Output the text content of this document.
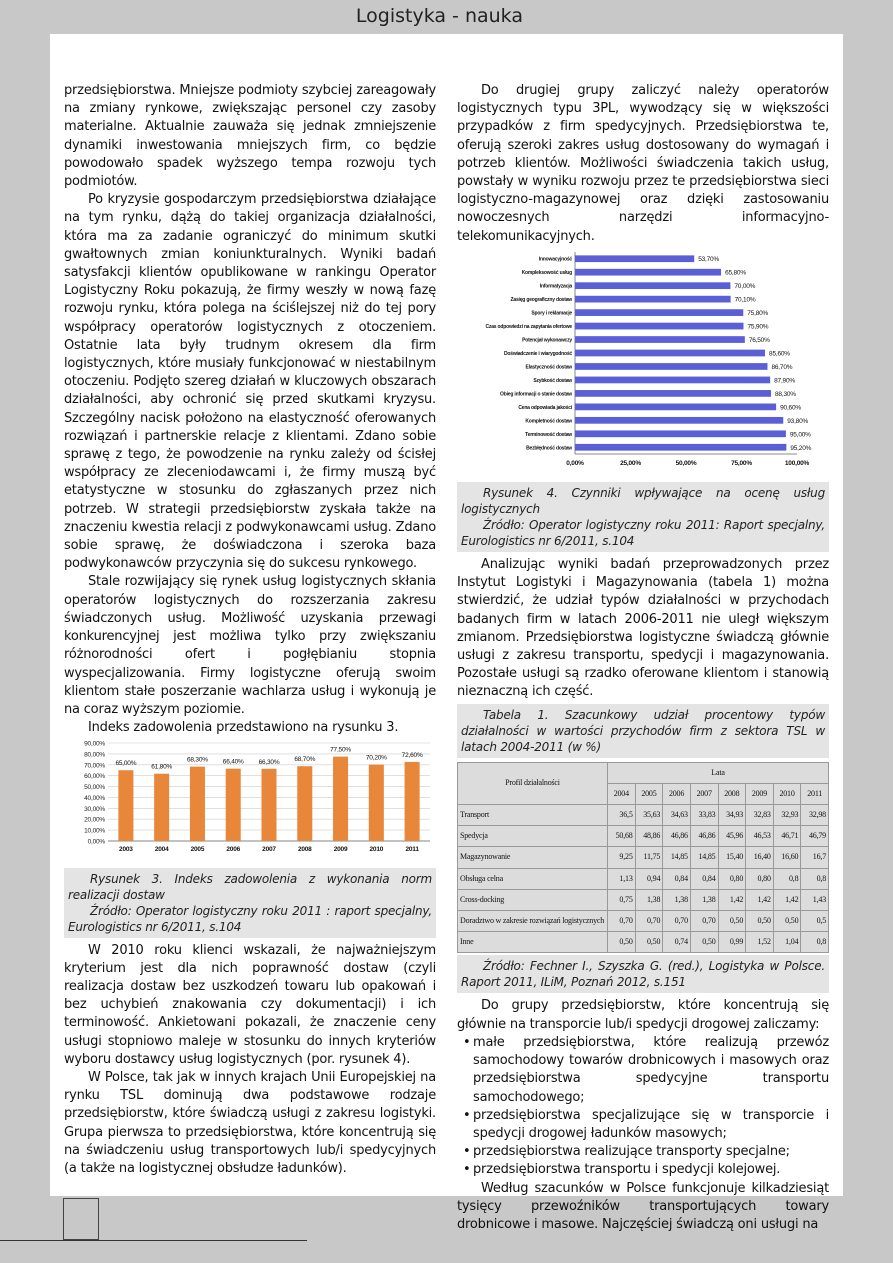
Logistyka - nauka

przedsiębiorstwa. Mniejsze podmioty szybciej zareagowały na zmiany rynkowe, zwiększając personel czy zasoby materialne. Aktualnie zauważa się jednak zmniejszenie dynamiki inwestowania mniejszych firm, co będzie powodowało spadek wyższego tempa rozwoju tych podmiotów.

Po kryzysie gospodarczym przedsiębiorstwa działające na tym rynku, dążą do takiej organizacja działalności, która ma za zadanie ograniczyć do minimum skutki gwałtownych zmian koniunkturalnych. Wyniki badań satysfakcji klientów opublikowane w rankingu Operator Logistyczny Roku pokazują, że firmy weszły w nową fazę rozwoju rynku, która polega na ściślejszej niż do tej pory współpracy operatorów logistycznych z otoczeniem. Ostatnie lata były trudnym okresem dla firm logistycznych, które musiały funkcjonować w niestabilnym otoczeniu. Podjęto szereg działań w kluczowych obszarach działalności, aby ochronić się przed skutkami kryzysu. Szczególny nacisk położono na elastyczność oferowanych rozwiązań i partnerskie relacje z klientami. Zdano sobie sprawę z tego, że powodzenie na rynku zależy od ścisłej współpracy ze zleceniodawcami i, że firmy muszą być etatystyczne w stosunku do zgłaszanych przez nich potrzeb. W strategii przedsiębiorstw zyskała także na znaczeniu kwestia relacji z podwykonawcami usług. Zdano sobie sprawę, że doświadczona i szeroka baza podwykonawców przyczynia się do sukcesu rynkowego.

Stale rozwijający się rynek usług logistycznych skłania operatorów logistycznych do rozszerzania zakresu świadczonych usług. Możliwość uzyskania przewagi konkurencyjnej jest możliwa tylko przy zwiększaniu różnorodności ofert i pogłębianiu stopnia wyspecjalizowania. Firmy logistyczne oferują swoim klientom stałe poszerzanie wachlarza usług i wykonują je na coraz wyższym poziomie.

Indeks zadowolenia przedstawiono na rysunku 3.

0,00%
10,00%
20,00%
30,00%
40,00%
50,00%
60,00%
70,00%
80,00%
90,00%
65,00%
2003
61,80%
2004
68,30%
2005
66,40%
2006
66,30%
2007
68,70%
2008
77,50%
2009
70,20%
2010
72,60%
2011
Rysunek 3. Indeks zadowolenia z wykonania norm realizacji dostaw
Źródło: Operator logistyczny roku 2011 : raport specjalny, Eurologistics nr 6/2011, s.104

W 2010 roku klienci wskazali, że najważniejszym kryterium jest dla nich poprawność dostaw (czyli realizacja dostaw bez uszkodzeń towaru lub opakowań i bez uchybień znakowania czy dokumentacji) i ich terminowość. Ankietowani pokazali, że znaczenie ceny usługi stopniowo maleje w stosunku do innych kryteriów wyboru dostawcy usług logistycznych (por. rysunek 4).

W Polsce, tak jak w innych krajach Unii Europejskiej na rynku TSL dominują dwa podstawowe rodzaje przedsiębiorstw, które świadczą usługi z zakresu logistyki. Grupa pierwsza to przedsiębiorstwa, które koncentrują się na świadczeniu usług transportowych lub/i spedycyjnych (a także na logistycznej obsłudze ładunków).

Do drugiej grupy zaliczyć należy operatorów logistycznych typu 3PL, wywodzący się w większości przypadków z firm spedycyjnych. Przedsiębiorstwa te, oferują szeroki zakres usług dostosowany do wymagań i potrzeb klientów. Możliwości świadczenia takich usług, powstały w wyniku rozwoju przez te przedsiębiorstwa sieci logistyczno-magazynowej oraz dzięki zastosowaniu nowoczesnych narzędzi informacyjno-telekomunikacyjnych.

Innowacyjność	53,70%
Kompleksowość usług	65,80%
Informatyzacja	70,00%
Zasięg geograficzny dostaw	70,10%
Spory i reklamacje	75,80%
Czas odpowiedzi na zapytania ofertowe	75,90%
Potencjał wykonawczy	76,50%
Doświadczenie i wiarygodność	85,60%
Elastyczność dostaw	86,70%
Szybkość dostaw	87,90%
Obieg informacji o stanie dostaw	88,30%
Cena odpowiada jakości	90,60%
Kompletność dostaw	93,80%
Terminowość dostaw	95,00%
Bezbłędność dostaw	95,20%
0,00%	25,00%	50,00%	75,00%	100,00%
Rysunek 4. Czynniki wpływające na ocenę usług logistycznych
Źródło: Operator logistyczny roku 2011: Raport specjalny, Eurologistics nr 6/2011, s.104

Analizując wyniki badań przeprowadzonych przez Instytut Logistyki i Magazynowania (tabela 1) można stwierdzić, że udział typów działalności w przychodach badanych firm w latach 2006-2011 nie uległ większym zmianom. Przedsiębiorstwa logistyczne świadczą głównie usługi z zakresu transportu, spedycji i magazynowania. Pozostałe usługi są rzadko oferowane klientom i stanowią nieznaczną ich część.

Tabela 1. Szacunkowy udział procentowy typów działalności w wartości przychodów firm z sektora TSL w latach 2004-2011 (w %)
Profil działalności	Lata							
	2004	2005	2006	2007	2008	2009	2010	2011
Transport	36,5	35,63	34,63	33,83	34,93	32,83	32,93	32,98
Spedycja	50,68	48,86	46,86	46,86	45,96	46,53	46,71	46,79
Magazynowanie	9,25	11,75	14,85	14,85	15,40	16,40	16,60	16,7
Obsługa celna	1,13	0,94	0,84	0,84	0,80	0,80	0,8	0,8
Cross-docking	0,75	1,38	1,38	1,38	1,42	1,42	1,42	1,43
Doradztwo w zakresie rozwiązań logistycznych	0,70	0,70	0,70	0,70	0,50	0,50	0,50	0,5
Inne	0,50	0,50	0,74	0,50	0,99	1,52	1,04	0,8
Źródło: Fechner I., Szyszka G. (red.), Logistyka w Polsce. Raport 2011, ILiM, Poznań 2012, s.151

Do grupy przedsiębiorstw, które koncentrują się głównie na transporcie lub/i spedycji drogowej zaliczamy:

• małe przedsiębiorstwa, które realizują przewóz samochodowy towarów drobnicowych i masowych oraz przedsiębiorstwa spedycyjne transportu samochodowego;
• przedsiębiorstwa specjalizujące się w transporcie i spedycji drogowej ładunków masowych;
• przedsiębiorstwa realizujące transporty specjalne;
• przedsiębiorstwa transportu i spedycji kolejowej.

Według szacunków w Polsce funkcjonuje kilkadziesiąt tysięcy przewoźników transportujących towary drobnicowe i masowe. Najczęściej świadczą oni usługi na
